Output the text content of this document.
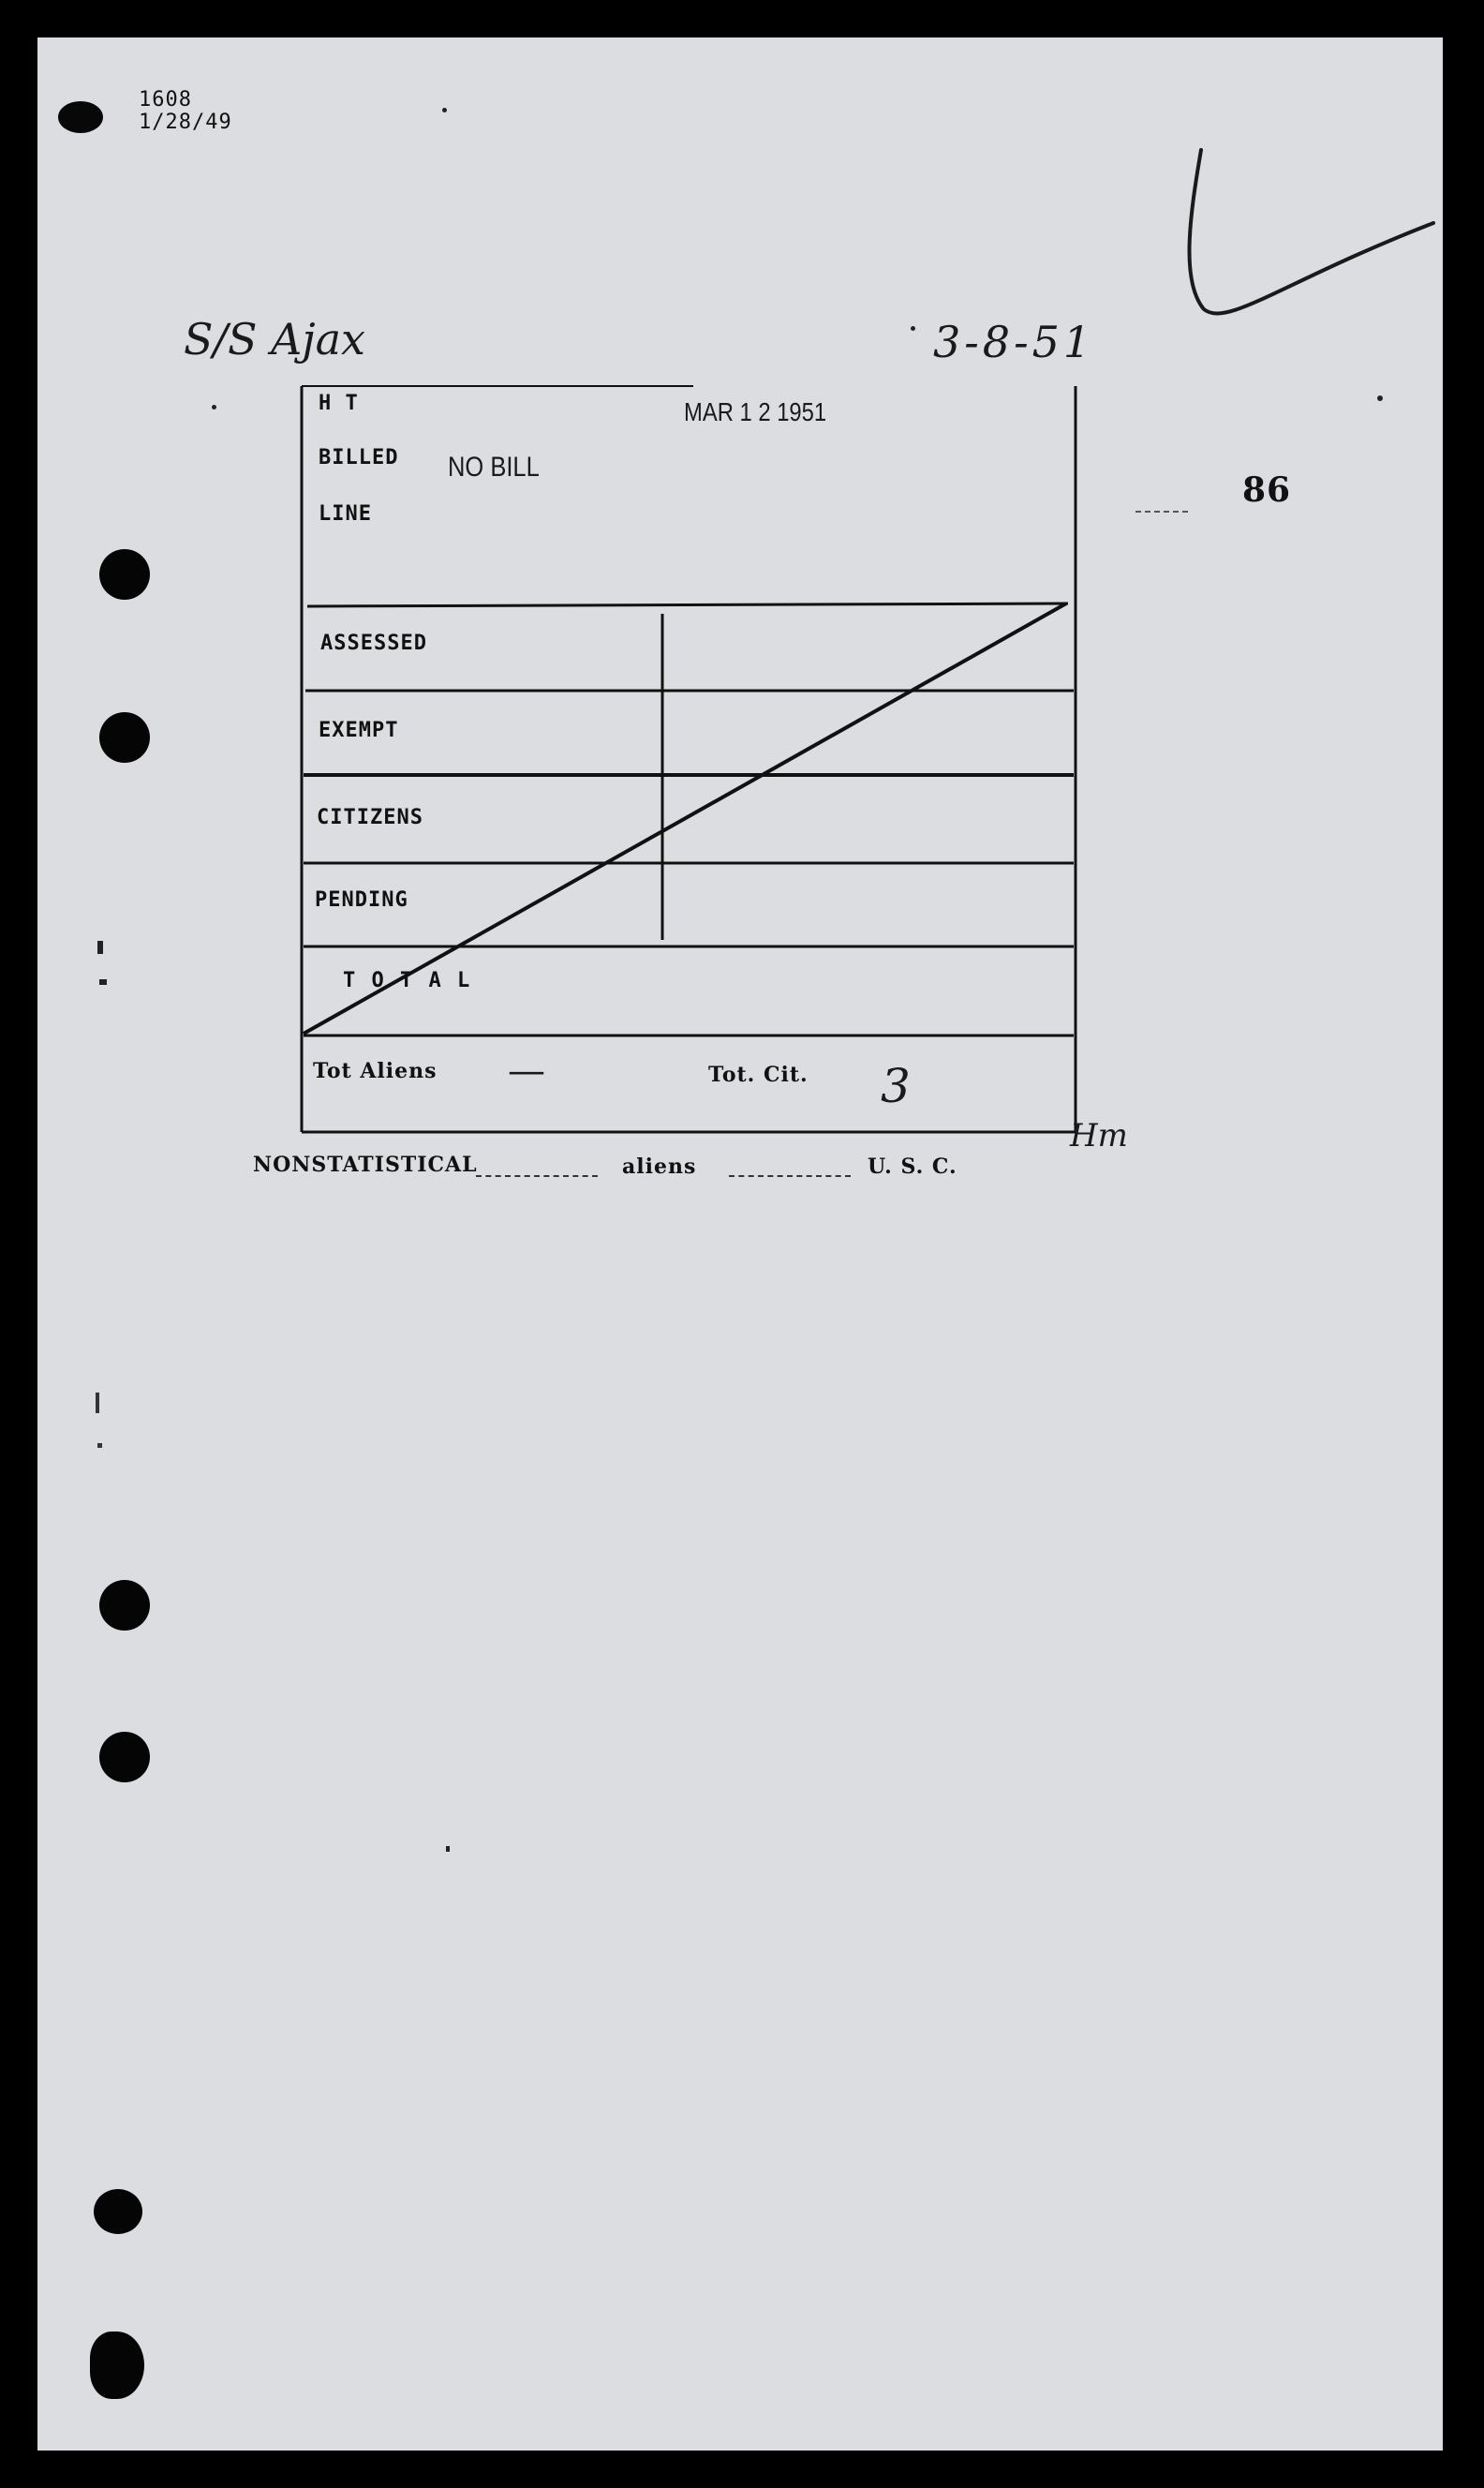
1608
1/28/49
S/S Ajax	3-8-51
86
H T
BILLED
LINE
MAR 1 2 1951
NO BILL
ASSESSED
EXEMPT
CITIZENS
PENDING
T O T A L
Tot Aliens —	Tot. Cit. 3
Hm
NONSTATISTICAL	aliens	U. S. C.
